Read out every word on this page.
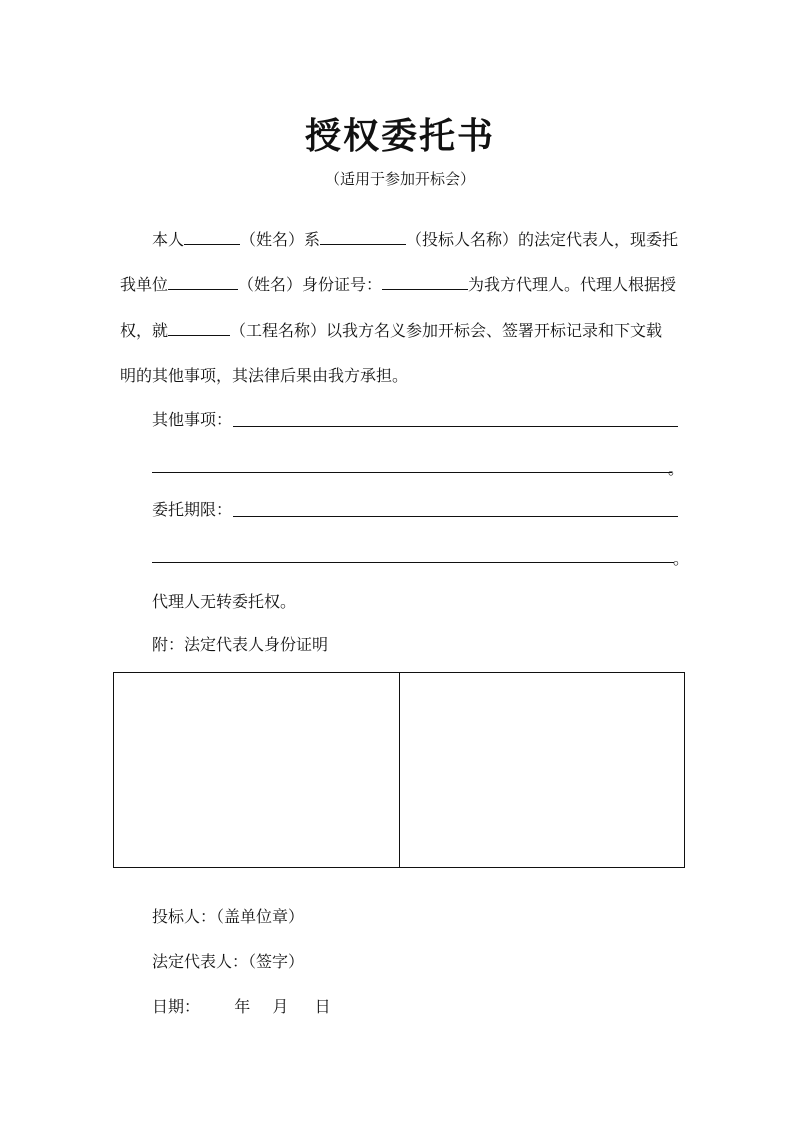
授权委托书
（适用于参加开标会）
本人	（姓名）系	（投标人名称）的法定代表人，现委托
我单位	（姓名）身份证号：	为我方代理人。代理人根据授
权，就	（工程名称）以我方名义参加开标会、签署开标记录和下文载
明的其他事项，其法律后果由我方承担。
其他事项：
。
委托期限：
。
代理人无转委托权。
附：法定代表人身份证明
投标人：（盖单位章）
法定代表人：（签字）
日期： 年 月 日
